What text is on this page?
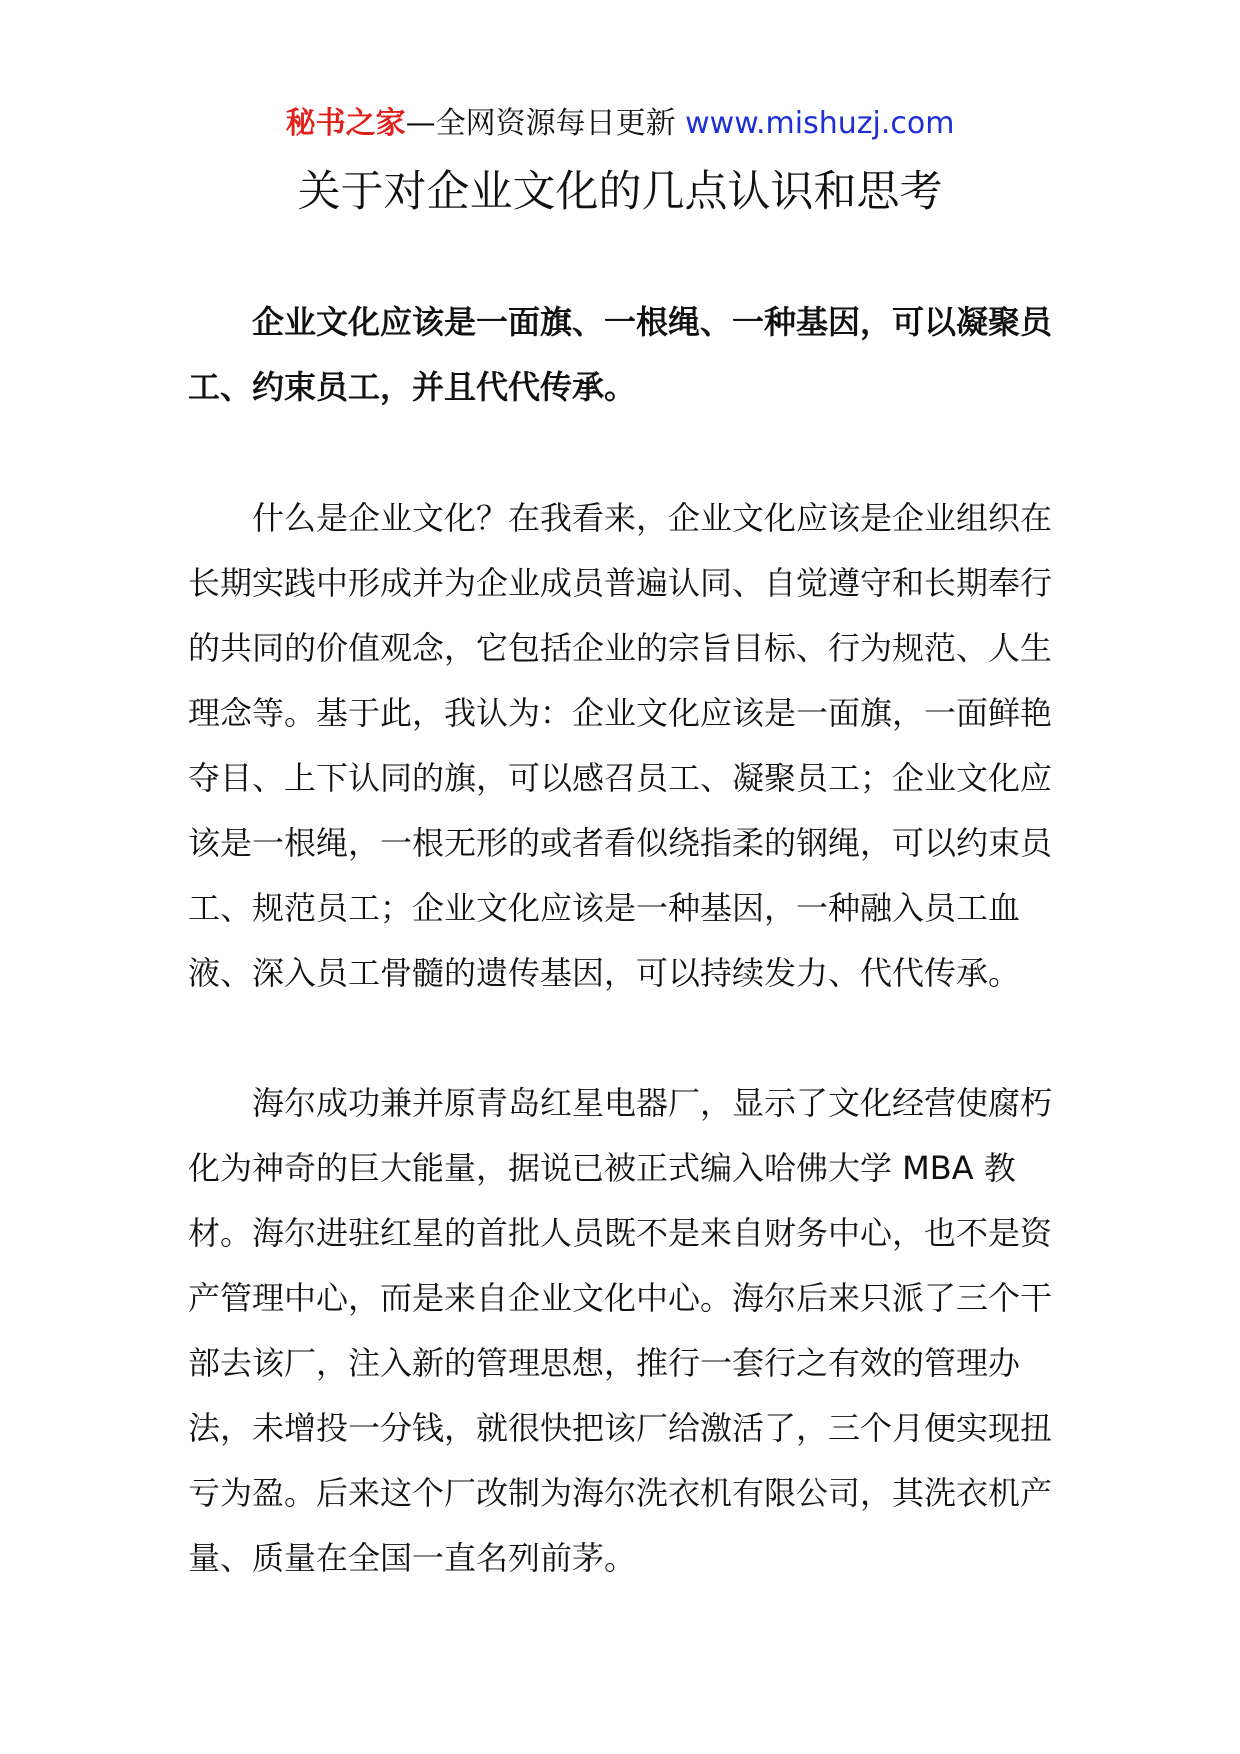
秘书之家—全网资源每日更新 www.mishuzj.com
关于对企业文化的几点认识和思考

企业文化应该是一面旗、一根绳、一种基因，可以凝聚员工、约束员工，并且代代传承。

什么是企业文化？在我看来，企业文化应该是企业组织在长期实践中形成并为企业成员普遍认同、自觉遵守和长期奉行的共同的价值观念，它包括企业的宗旨目标、行为规范、人生理念等。基于此，我认为：企业文化应该是一面旗，一面鲜艳夺目、上下认同的旗，可以感召员工、凝聚员工；企业文化应该是一根绳，一根无形的或者看似绕指柔的钢绳，可以约束员工、规范员工；企业文化应该是一种基因，一种融入员工血液、深入员工骨髓的遗传基因，可以持续发力、代代传承。

海尔成功兼并原青岛红星电器厂，显示了文化经营使腐朽化为神奇的巨大能量，据说已被正式编入哈佛大学 MBA 教材。海尔进驻红星的首批人员既不是来自财务中心，也不是资产管理中心，而是来自企业文化中心。海尔后来只派了三个干部去该厂，注入新的管理思想，推行一套行之有效的管理办法，未增投一分钱，就很快把该厂给激活了，三个月便实现扭亏为盈。后来这个厂改制为海尔洗衣机有限公司，其洗衣机产量、质量在全国一直名列前茅。
